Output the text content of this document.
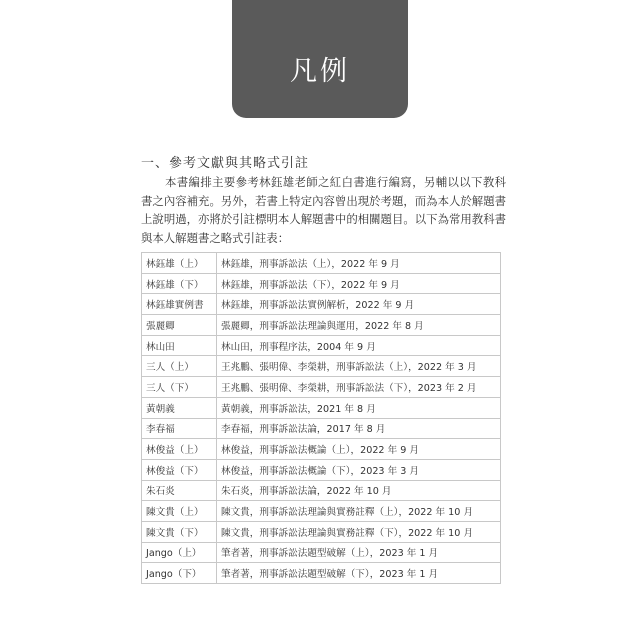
凡例
一、參考文獻與其略式引註

本書編排主要參考林鈺雄老師之紅白書進行編寫，另輔以以下教科書之內容補充。另外，若書上特定內容曾出現於考題，而為本人於解題書上說明過，亦將於引註標明本人解題書中的相關題目。以下為常用教科書與本人解題書之略式引註表：

林鈺雄（上）	林鈺雄，刑事訴訟法（上），2022 年 9 月
林鈺雄（下）	林鈺雄，刑事訴訟法（下），2022 年 9 月
林鈺雄實例書	林鈺雄，刑事訴訟法實例解析，2022 年 9 月
張麗卿	張麗卿，刑事訴訟法理論與運用，2022 年 8 月
林山田	林山田，刑事程序法，2004 年 9 月
三人（上）	王兆鵬、張明偉、李榮耕，刑事訴訟法（上），2022 年 3 月
三人（下）	王兆鵬、張明偉、李榮耕，刑事訴訟法（下），2023 年 2 月
黃朝義	黃朝義，刑事訴訟法，2021 年 8 月
李春福	李春福，刑事訴訟法論，2017 年 8 月
林俊益（上）	林俊益，刑事訴訟法概論（上），2022 年 9 月
林俊益（下）	林俊益，刑事訴訟法概論（下），2023 年 3 月
朱石炎	朱石炎，刑事訴訟法論，2022 年 10 月
陳文貴（上）	陳文貴，刑事訴訟法理論與實務註釋（上），2022 年 10 月
陳文貴（下）	陳文貴，刑事訴訟法理論與實務註釋（下），2022 年 10 月
Jango（上）	筆者著，刑事訴訟法題型破解（上），2023 年 1 月
Jango（下）	筆者著，刑事訴訟法題型破解（下），2023 年 1 月
